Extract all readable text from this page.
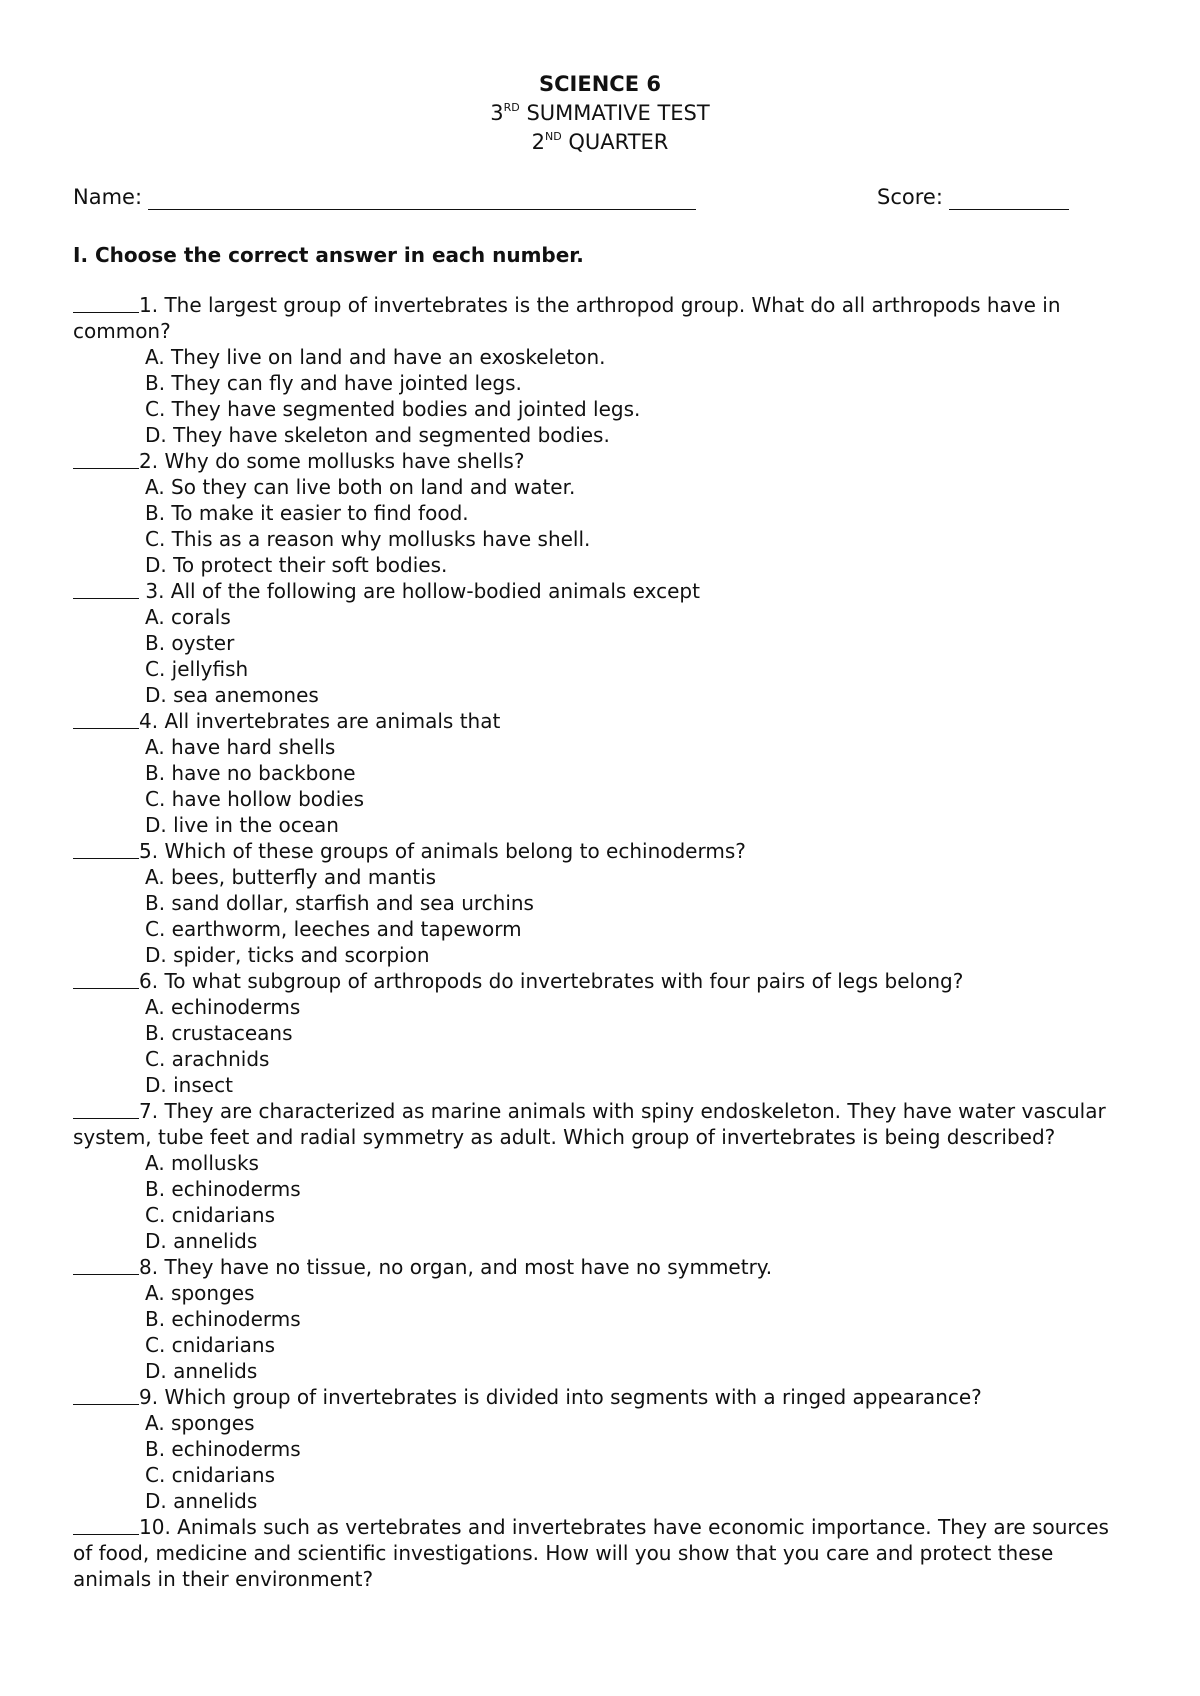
SCIENCE 6
3RD SUMMATIVE TEST
2ND QUARTER
Name:	Score:
I. Choose the correct answer in each number.

1. The largest group of invertebrates is the arthropod group. What do all arthropods have in common?

A. They live on land and have an exoskeleton.

B. They can fly and have jointed legs.

C. They have segmented bodies and jointed legs.

D. They have skeleton and segmented bodies.

2. Why do some mollusks have shells?

A. So they can live both on land and water.

B. To make it easier to find food.

C. This as a reason why mollusks have shell.

D. To protect their soft bodies.

3. All of the following are hollow-bodied animals except

A. corals

B. oyster

C. jellyfish

D. sea anemones

4. All invertebrates are animals that

A. have hard shells

B. have no backbone

C. have hollow bodies

D. live in the ocean

5. Which of these groups of animals belong to echinoderms?

A. bees, butterfly and mantis

B. sand dollar, starfish and sea urchins

C. earthworm, leeches and tapeworm

D. spider, ticks and scorpion

6. To what subgroup of arthropods do invertebrates with four pairs of legs belong?

A. echinoderms

B. crustaceans

C. arachnids

D. insect

7. They are characterized as marine animals with spiny endoskeleton. They have water vascular system, tube feet and radial symmetry as adult. Which group of invertebrates is being described?

A. mollusks

B. echinoderms

C. cnidarians

D. annelids

8. They have no tissue, no organ, and most have no symmetry.

A. sponges

B. echinoderms

C. cnidarians

D. annelids

9. Which group of invertebrates is divided into segments with a ringed appearance?

A. sponges

B. echinoderms

C. cnidarians

D. annelids

10. Animals such as vertebrates and invertebrates have economic importance. They are sources of food, medicine and scientific investigations. How will you show that you care and protect these animals in their environment?
